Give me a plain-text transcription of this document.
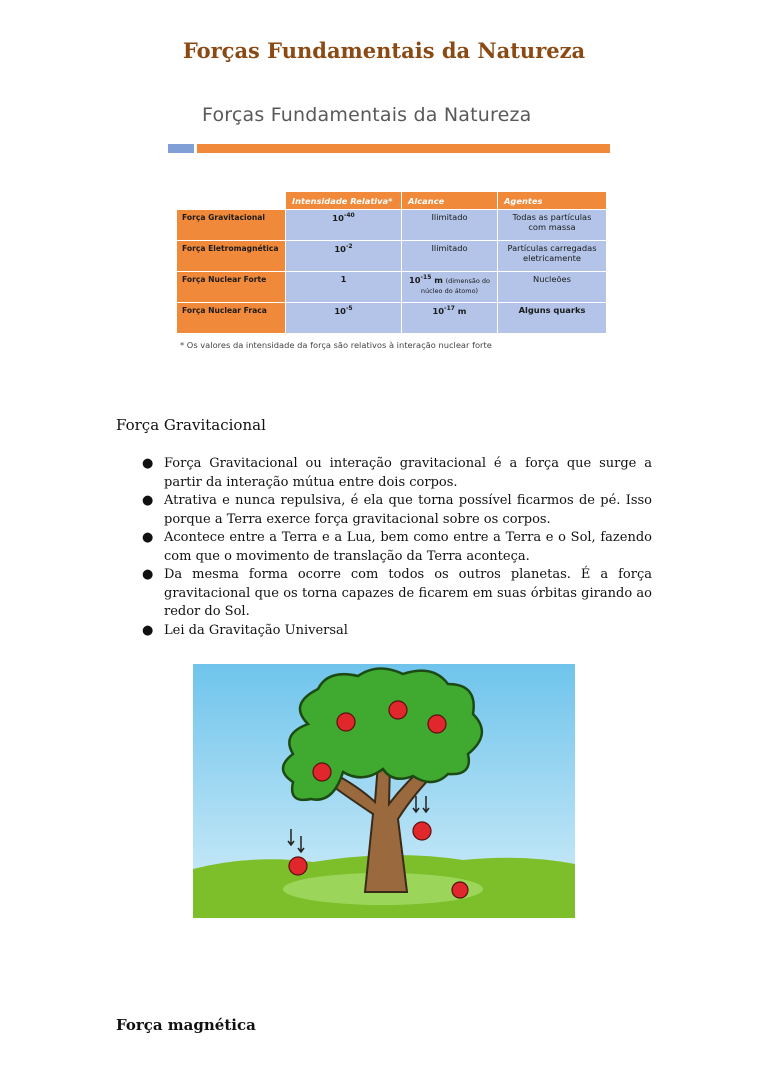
Forças Fundamentais da Natureza
Forças Fundamentais da Natureza
	Intensidade Relativa*	Alcance	Agentes
Força Gravitacional	$10^{-40}$	Ilimitado	Todas as partículas com massa
Força Eletromagnética	$10^{-2}$	Ilimitado	Partículas carregadas eletricamente
Força Nuclear Forte	1	$10^{-15}$ m (dimensão do núcleo do átomo)	Nucleões
Força Nuclear Fraca	$10^{-5}$	$10^{-17}$ m	Alguns quarks
* Os valores da intensidade da força são relativos à interação nuclear forte
Força Gravitacional
● Força Gravitacional ou interação gravitacional é a força que surge a partir da interação mútua entre dois corpos.
● Atrativa e nunca repulsiva, é ela que torna possível ficarmos de pé. Isso porque a Terra exerce força gravitacional sobre os corpos.
● Acontece entre a Terra e a Lua, bem como entre a Terra e o Sol, fazendo com que o movimento de translação da Terra aconteça.
● Da mesma forma ocorre com todos os outros planetas. É a força gravitacional que os torna capazes de ficarem em suas órbitas girando ao redor do Sol.
● Lei da Gravitação Universal
Força magnética
